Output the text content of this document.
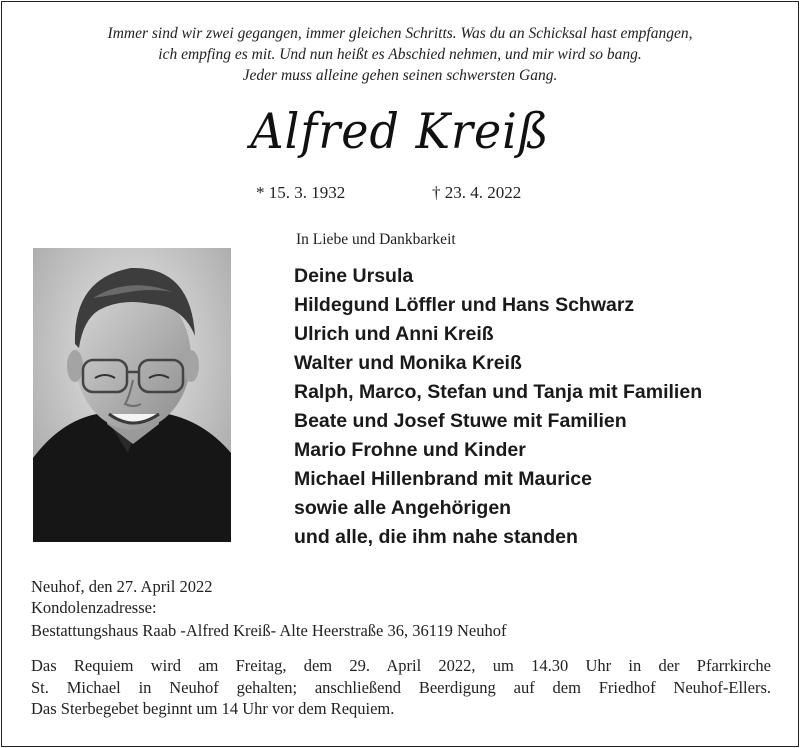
Immer sind wir zwei gegangen, immer gleichen Schritts. Was du an Schicksal hast empfangen,
ich empfing es mit. Und nun heißt es Abschied nehmen, und mir wird so bang.
Jeder muss alleine gehen seinen schwersten Gang.
Alfred Kreiß
* 15. 3. 1932	† 23. 4. 2022
In Liebe und Dankbarkeit
Deine Ursula
Hildegund Löffler und Hans Schwarz
Ulrich und Anni Kreiß
Walter und Monika Kreiß
Ralph, Marco, Stefan und Tanja mit Familien
Beate und Josef Stuwe mit Familien
Mario Frohne und Kinder
Michael Hillenbrand mit Maurice
sowie alle Angehörigen
und alle, die ihm nahe standen
Neuhof, den 27. April 2022
Kondolenzadresse:
Bestattungshaus Raab -Alfred Kreiß- Alte Heerstraße 36, 36119 Neuhof
Das Requiem wird am Freitag, dem 29. April 2022, um 14.30 Uhr in der Pfarrkirche
St. Michael in Neuhof gehalten; anschließend Beerdigung auf dem Friedhof Neuhof-Ellers.
Das Sterbegebet beginnt um 14 Uhr vor dem Requiem.
